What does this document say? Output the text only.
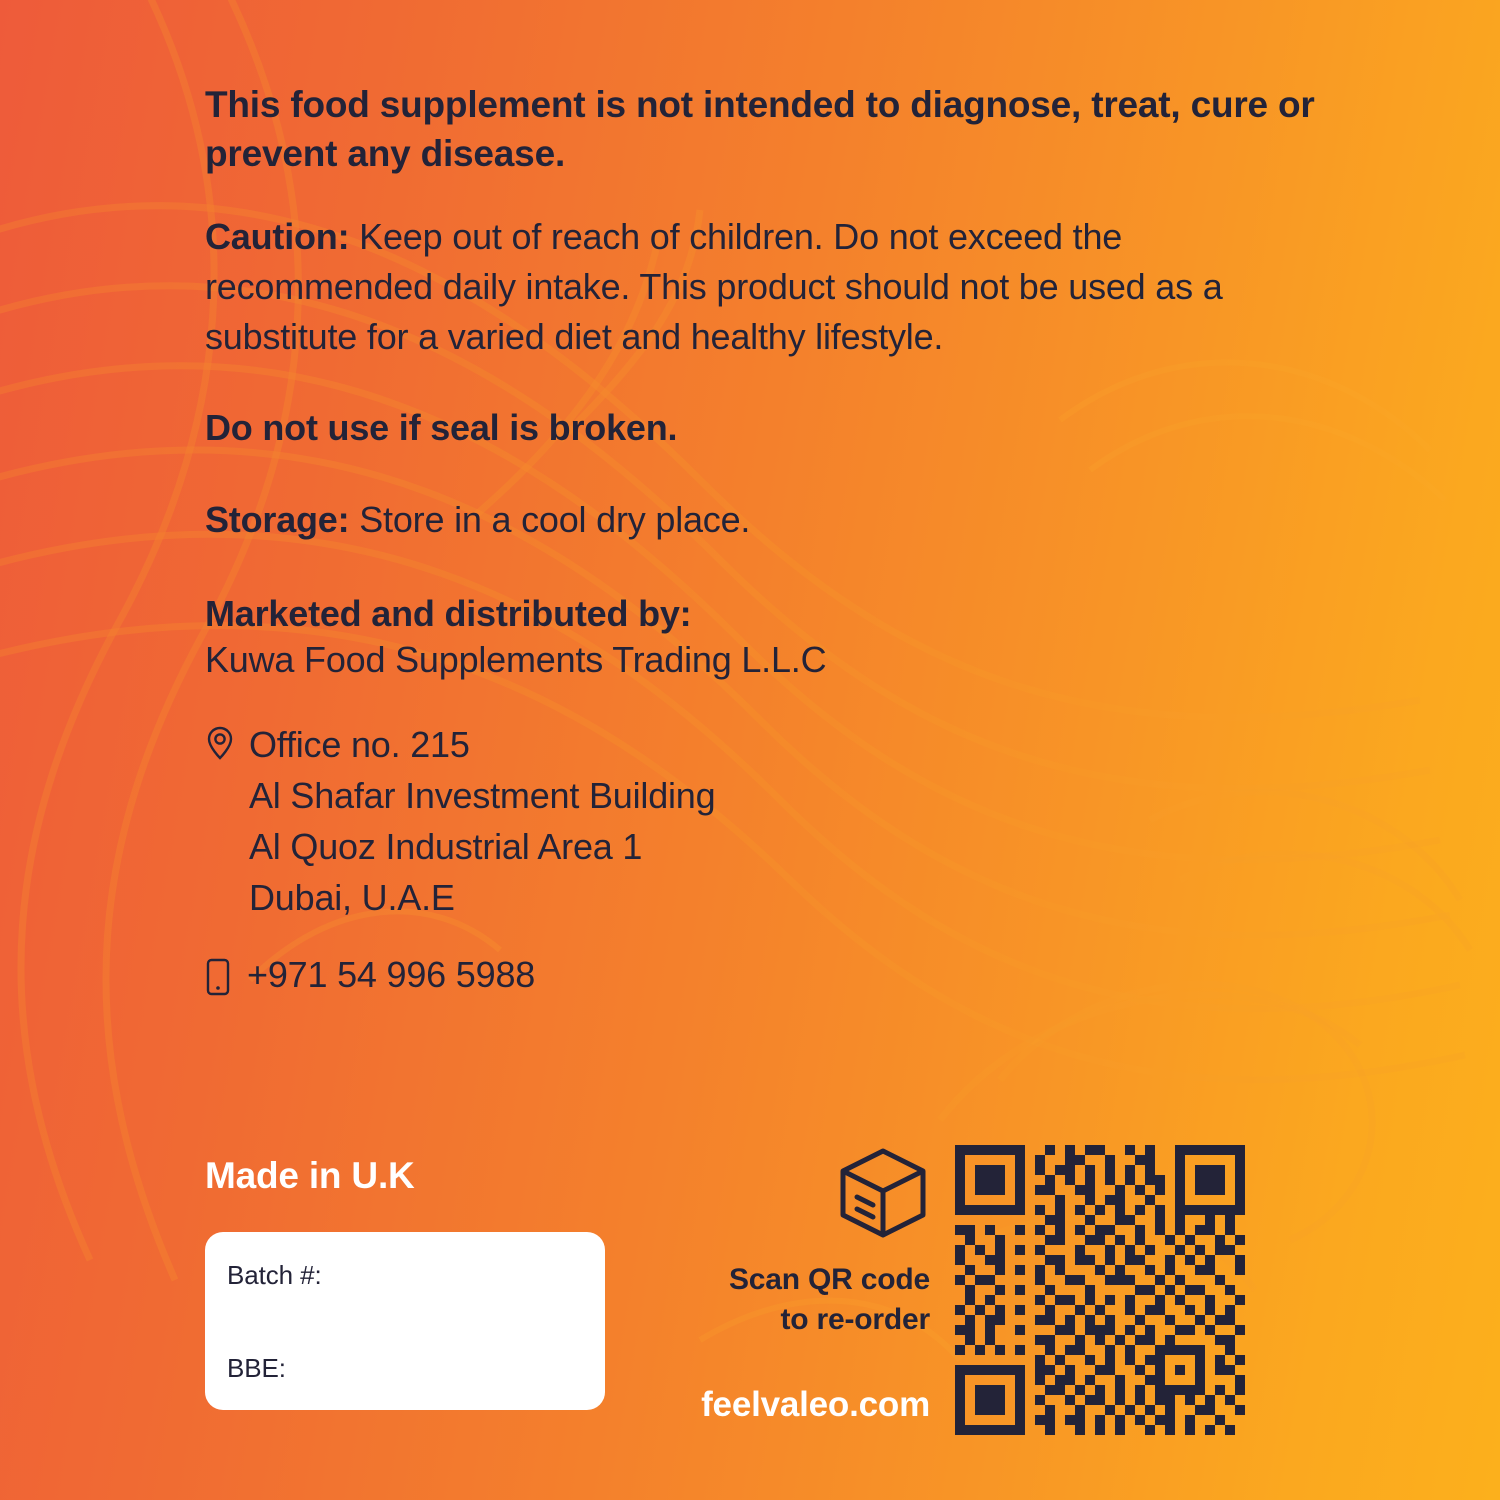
This food supplement is not intended to diagnose, treat, cure or prevent any disease.
Caution: Keep out of reach of children. Do not exceed the recommended daily intake. This product should not be used as a substitute for a varied diet and healthy lifestyle.
Do not use if seal is broken.
Storage: Store in a cool dry place.
Marketed and distributed by:
Kuwa Food Supplements Trading L.L.C
Office no. 215
Al Shafar Investment Building
Al Quoz Industrial Area 1
Dubai, U.A.E
+971 54 996 5988
Made in U.K
Batch #:
BBE:
Scan QR code
to re-order
feelvaleo.com
